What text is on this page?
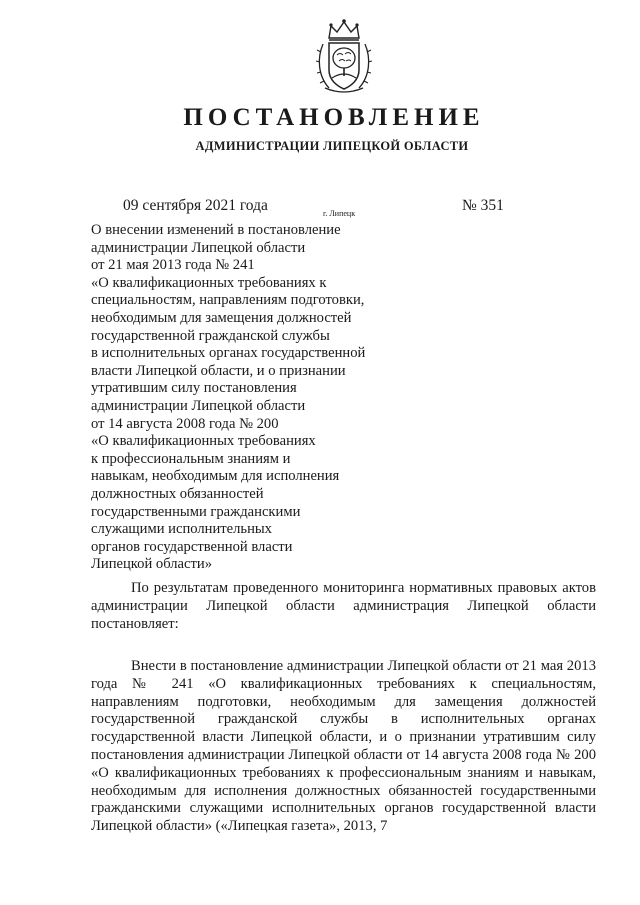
ПОСТАНОВЛЕНИЕ
АДМИНИСТРАЦИИ ЛИПЕЦКОЙ ОБЛАСТИ
09 сентября 2021 года	г. Липецк	№ 351
О внесении изменений в постановление
администрации Липецкой области
от 21 мая 2013 года № 241
«О квалификационных требованиях к
специальностям, направлениям подготовки,
необходимым для замещения должностей
государственной гражданской службы
в исполнительных органах государственной
власти Липецкой области, и о признании
утратившим силу постановления
администрации Липецкой области
от 14 августа 2008 года № 200
«О квалификационных требованиях
к профессиональным знаниям и
навыкам, необходимым для исполнения
должностных обязанностей
государственными гражданскими
служащими исполнительных
органов государственной власти
Липецкой области»

По результатам проведенного мониторинга нормативных правовых актов администрации Липецкой области администрация Липецкой области постановляет:

Внести в постановление администрации Липецкой области от 21 мая 2013 года № 241 «О квалификационных требованиях к специальностям, направлениям подготовки, необходимым для замещения должностей государственной гражданской службы в исполнительных органах государственной власти Липецкой области, и о признании утратившим силу постановления администрации Липецкой области от 14 августа 2008 года № 200 «О квалификационных требованиях к профессиональным знаниям и навыкам, необходимым для исполнения должностных обязанностей государственными гражданскими служащими исполнительных органов государственной власти Липецкой области» («Липецкая газета», 2013, 7
